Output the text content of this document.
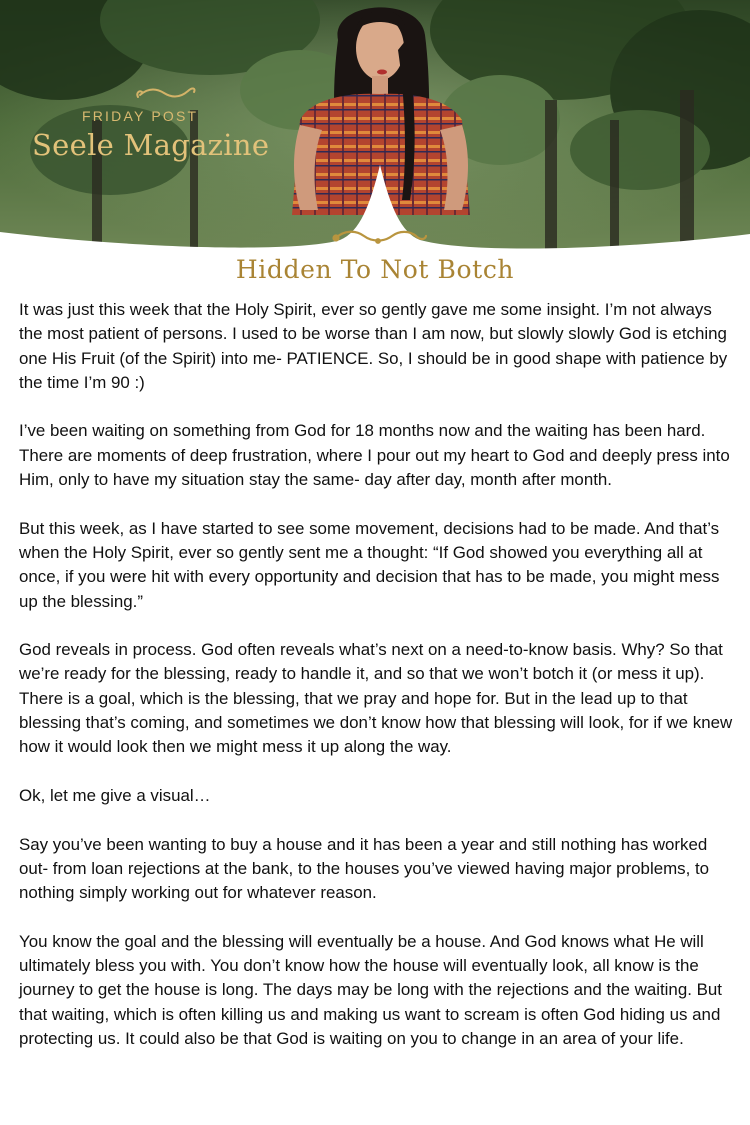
FRIDAY POST
Seele Magazine
Hidden To Not Botch

It was just this week that the Holy Spirit, ever so gently gave me some insight. I’m not always the most patient of persons. I used to be worse than I am now, but slowly slowly God is etching one His Fruit (of the Spirit) into me- PATIENCE. So, I should be in good shape with patience by the time I’m 90 :)

I’ve been waiting on something from God for 18 months now and the waiting has been hard. There are moments of deep frustration, where I pour out my heart to God and deeply press into Him, only to have my situation stay the same- day after day, month after month.

But this week, as I have started to see some movement, decisions had to be made. And that’s when the Holy Spirit, ever so gently sent me a thought: “If God showed you everything all at once, if you were hit with every opportunity and decision that has to be made, you might mess up the blessing.”

God reveals in process. God often reveals what’s next on a need-to-know basis. Why? So that we’re ready for the blessing, ready to handle it, and so that we won’t botch it (or mess it up). There is a goal, which is the blessing, that we pray and hope for. But in the lead up to that blessing that’s coming, and sometimes we don’t know how that blessing will look, for if we knew how it would look then we might mess it up along the way.

Ok, let me give a visual…

Say you’ve been wanting to buy a house and it has been a year and still nothing has worked out- from loan rejections at the bank, to the houses you’ve viewed having major problems, to nothing simply working out for whatever reason.

You know the goal and the blessing will eventually be a house. And God knows what He will ultimately bless you with. You don’t know how the house will eventually look, all know is the journey to get the house is long. The days may be long with the rejections and the waiting. But that waiting, which is often killing us and making us want to scream is often God hiding us and protecting us. It could also be that God is waiting on you to change in an area of your life.
